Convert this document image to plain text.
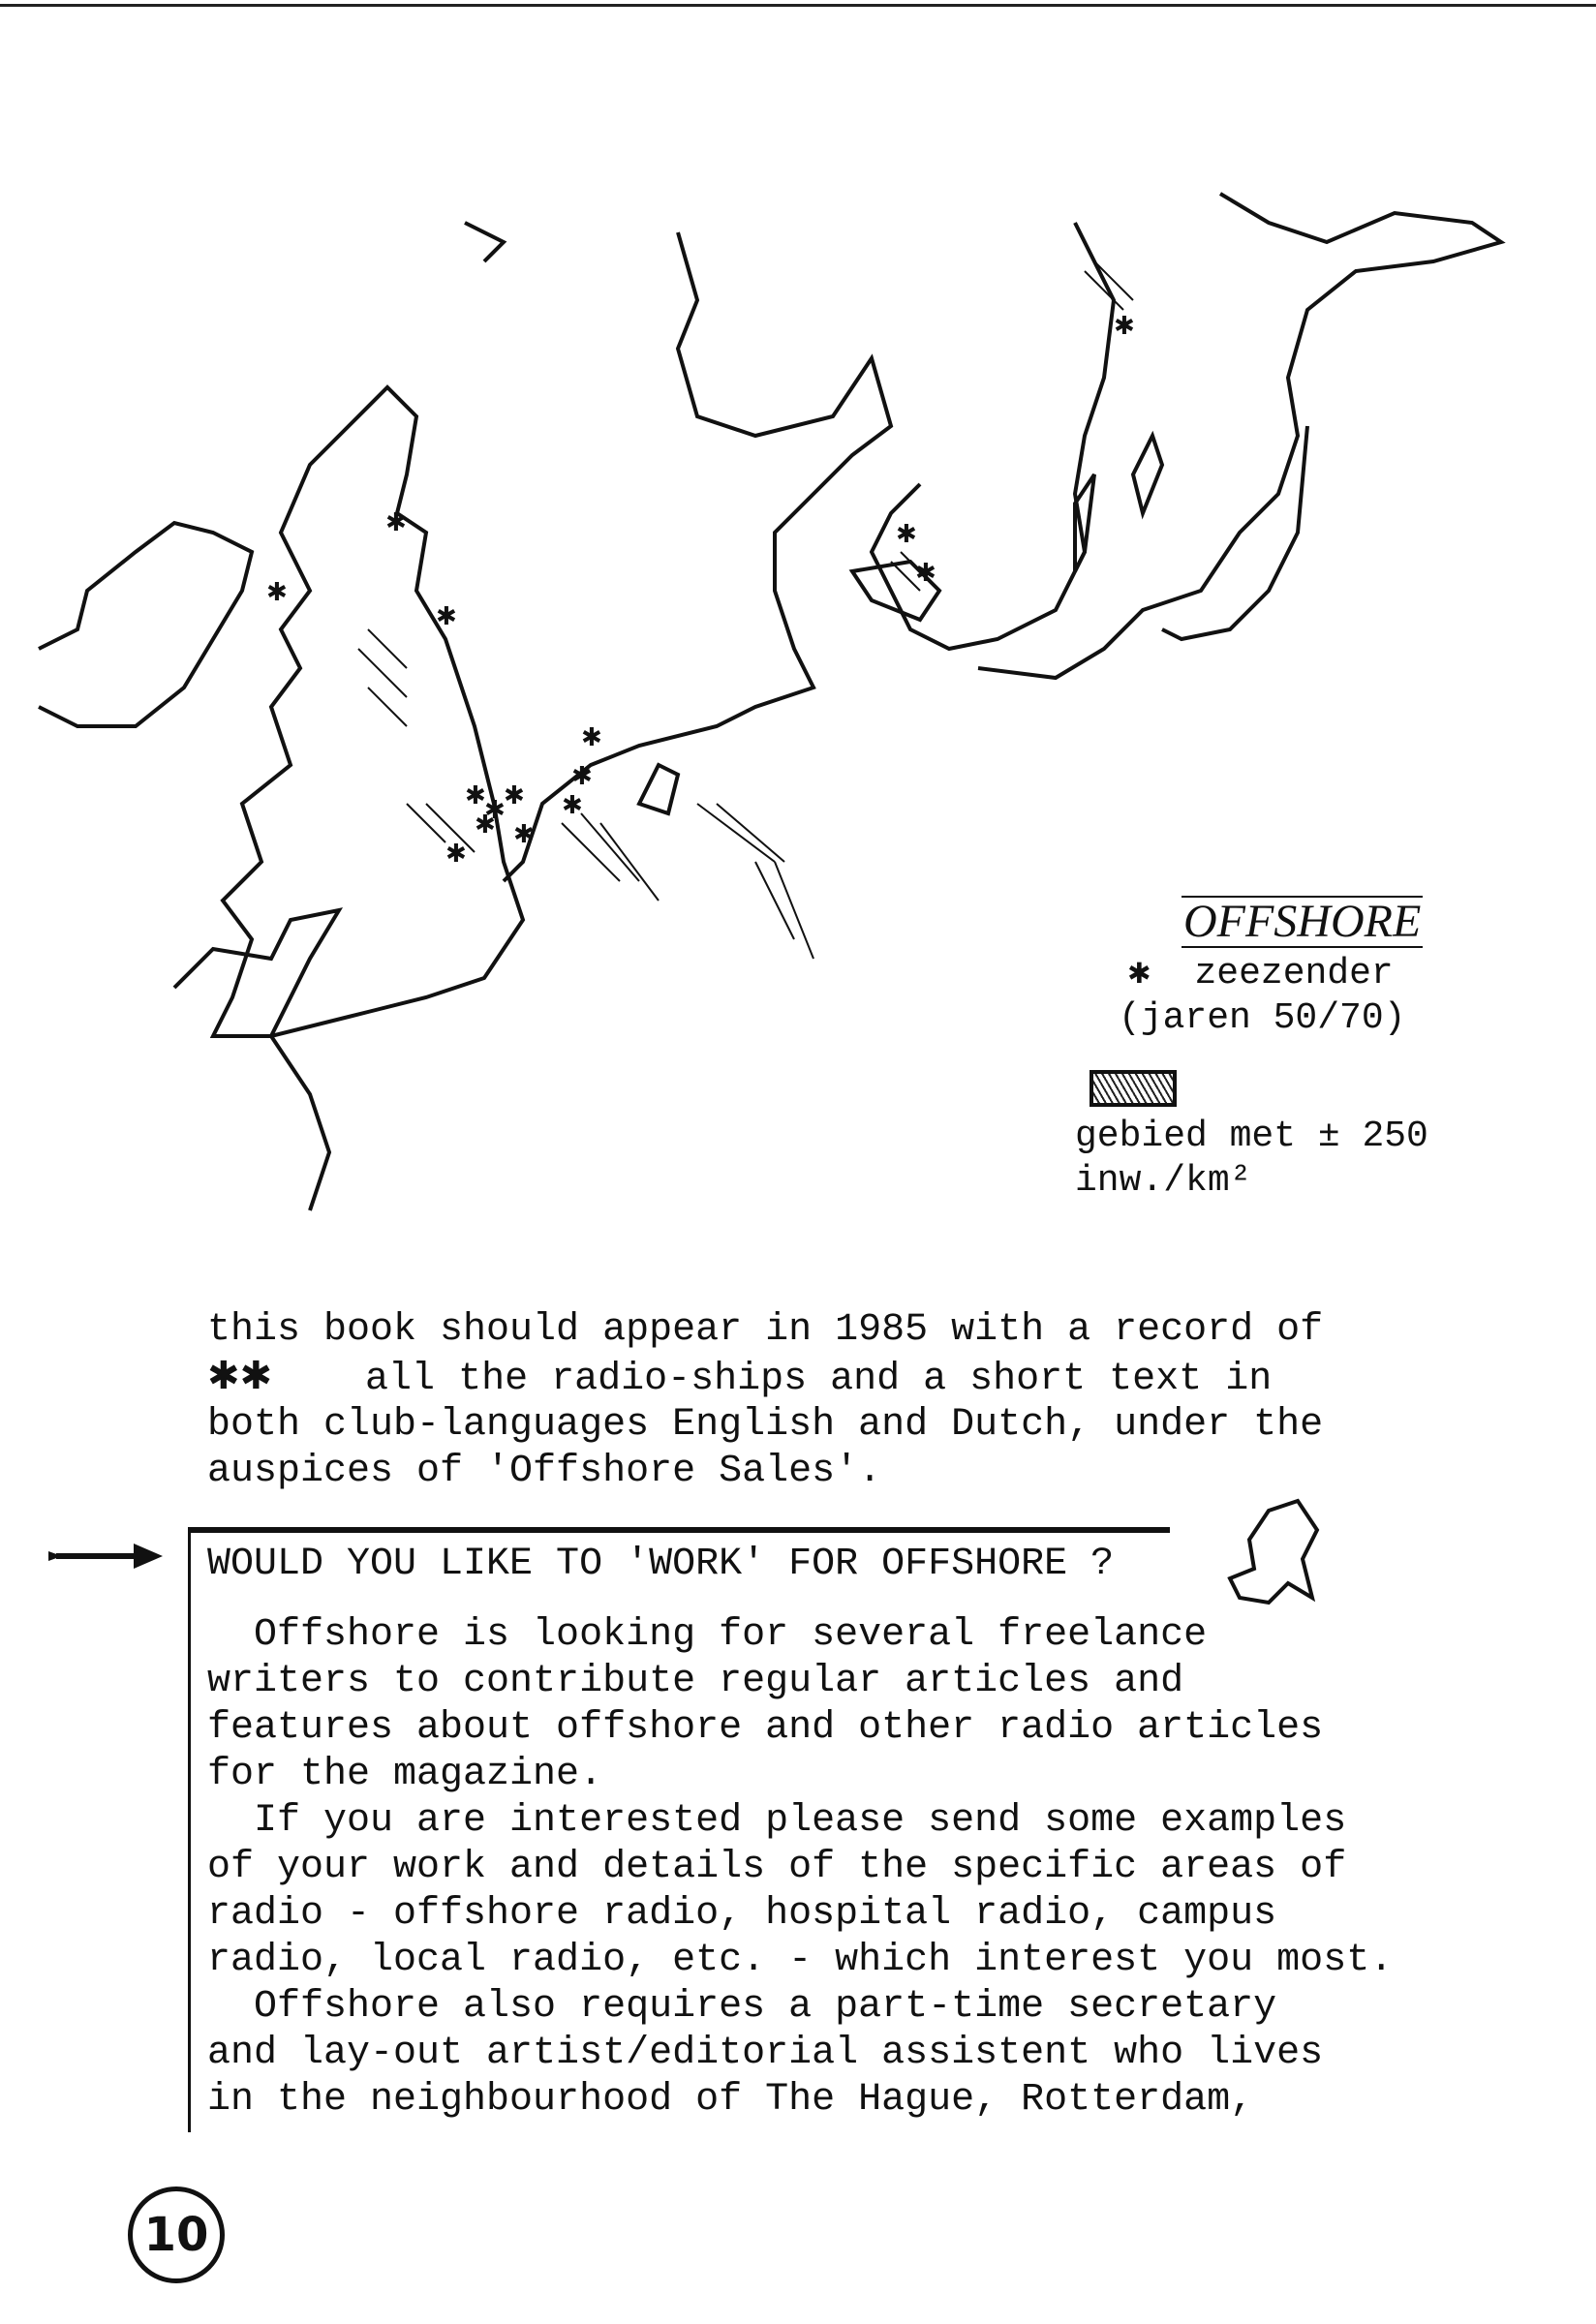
✱
✱
✱
✱
✱
✱
✱
✱
✱
✱
✱
✱
✱
✱
✱
OFFSHORE
✱  zeezender
(jaren 50/70)
gebied met ± 250
inw./km²
this book should appear in 1985 with a record of
✱✱ all the radio-ships and a short text in
both club-languages English and Dutch, under the
auspices of 'Offshore Sales'.
WOULD YOU LIKE TO 'WORK' FOR OFFSHORE ?
Offshore is looking for several freelance
writers to contribute regular articles and
features about offshore and other radio articles
for the magazine.
If you are interested please send some examples
of your work and details of the specific areas of
radio - offshore radio, hospital radio, campus
radio, local radio, etc. - which interest you most.
Offshore also requires a part-time secretary
and lay-out artist/editorial assistent who lives
in the neighbourhood of The Hague, Rotterdam,
10
